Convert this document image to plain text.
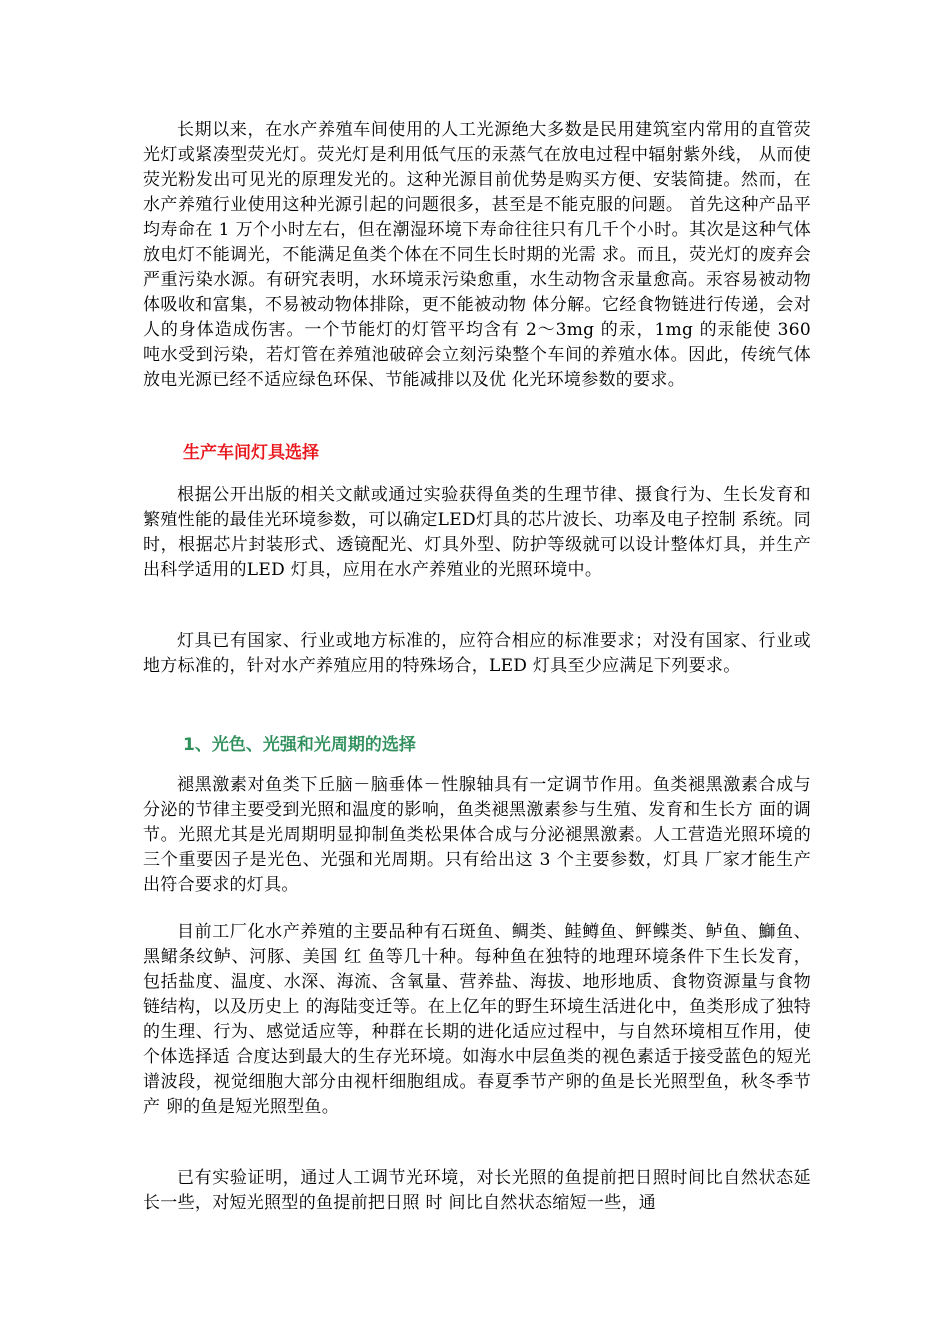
长期以来，在水产养殖车间使用的人工光源绝大多数是民用建筑室内常用的直管荧光灯或紧凑型荧光灯。荧光灯是利用低气压的汞蒸气在放电过程中辐射紫外线， 从而使荧光粉发出可见光的原理发光的。这种光源目前优势是购买方便、安装简捷。然而，在水产养殖行业使用这种光源引起的问题很多，甚至是不能克服的问题。 首先这种产品平均寿命在 1 万个小时左右，但在潮湿环境下寿命往往只有几千个小时。其次是这种气体放电灯不能调光，不能满足鱼类个体在不同生长时期的光需 求。而且，荧光灯的废弃会严重污染水源。有研究表明，水环境汞污染愈重，水生动物含汞量愈高。汞容易被动物体吸收和富集，不易被动物体排除，更不能被动物 体分解。它经食物链进行传递，会对人的身体造成伤害。一个节能灯的灯管平均含有 2～3mg 的汞，1mg 的汞能使 360 吨水受到污染，若灯管在养殖池破碎会立刻污染整个车间的养殖水体。因此，传统气体放电光源已经不适应绿色环保、节能减排以及优 化光环境参数的要求。

生产车间灯具选择

根据公开出版的相关文献或通过实验获得鱼类的生理节律、摄食行为、生长发育和繁殖性能的最佳光环境参数，可以确定LED灯具的芯片波长、功率及电子控制 系统。同时，根据芯片封装形式、透镜配光、灯具外型、防护等级就可以设计整体灯具，并生产出科学适用的LED 灯具，应用在水产养殖业的光照环境中。

灯具已有国家、行业或地方标准的，应符合相应的标准要求；对没有国家、行业或地方标准的，针对水产养殖应用的特殊场合，LED 灯具至少应满足下列要求。

1、光色、光强和光周期的选择

褪黑激素对鱼类下丘脑－脑垂体－性腺轴具有一定调节作用。鱼类褪黑激素合成与分泌的节律主要受到光照和温度的影响，鱼类褪黑激素参与生殖、发育和生长方 面的调节。光照尤其是光周期明显抑制鱼类松果体合成与分泌褪黑激素。人工营造光照环境的三个重要因子是光色、光强和光周期。只有给出这 3 个主要参数，灯具 厂家才能生产出符合要求的灯具。

目前工厂化水产养殖的主要品种有石斑鱼、鲷类、鲑鳟鱼、鲆鲽类、鲈鱼、鰤鱼、黑鲪条纹鲈、河豚、美国 红 鱼等几十种。每种鱼在独特的地理环境条件下生长发育，包括盐度、温度、水深、海流、含氧量、营养盐、海拔、地形地质、食物资源量与食物链结构，以及历史上 的海陆变迁等。在上亿年的野生环境生活进化中，鱼类形成了独特的生理、行为、感觉适应等，种群在长期的进化适应过程中，与自然环境相互作用，使个体选择适 合度达到最大的生存光环境。如海水中层鱼类的视色素适于接受蓝色的短光谱波段，视觉细胞大部分由视杆细胞组成。春夏季节产卵的鱼是长光照型鱼，秋冬季节产 卵的鱼是短光照型鱼。

已有实验证明，通过人工调节光环境，对长光照的鱼提前把日照时间比自然状态延长一些，对短光照型的鱼提前把日照 时 间比自然状态缩短一些，通
